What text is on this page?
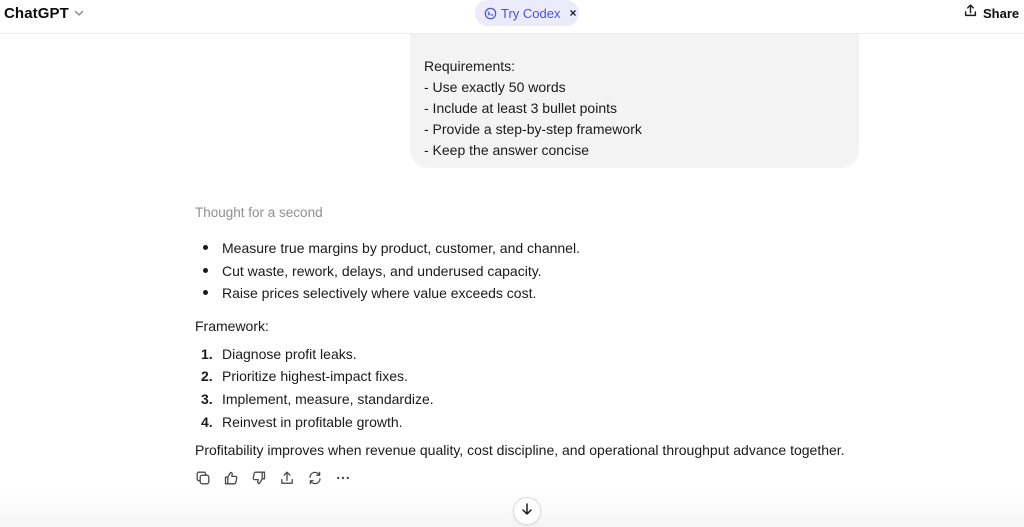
ChatGPT	Try Codex ×	Share

Requirements:

- Use exactly 50 words

- Include at least 3 bullet points

- Provide a step-by-step framework

- Keep the answer concise

Thought for a second
Measure true margins by product, customer, and channel.
Cut waste, rework, delays, and underused capacity.
Raise prices selectively where value exceeds cost.

Framework:

1. Diagnose profit leaks.
2. Prioritize highest-impact fixes.
3. Implement, measure, standardize.
4. Reinvest in profitable growth.

Profitability improves when revenue quality, cost discipline, and operational throughput advance together.
